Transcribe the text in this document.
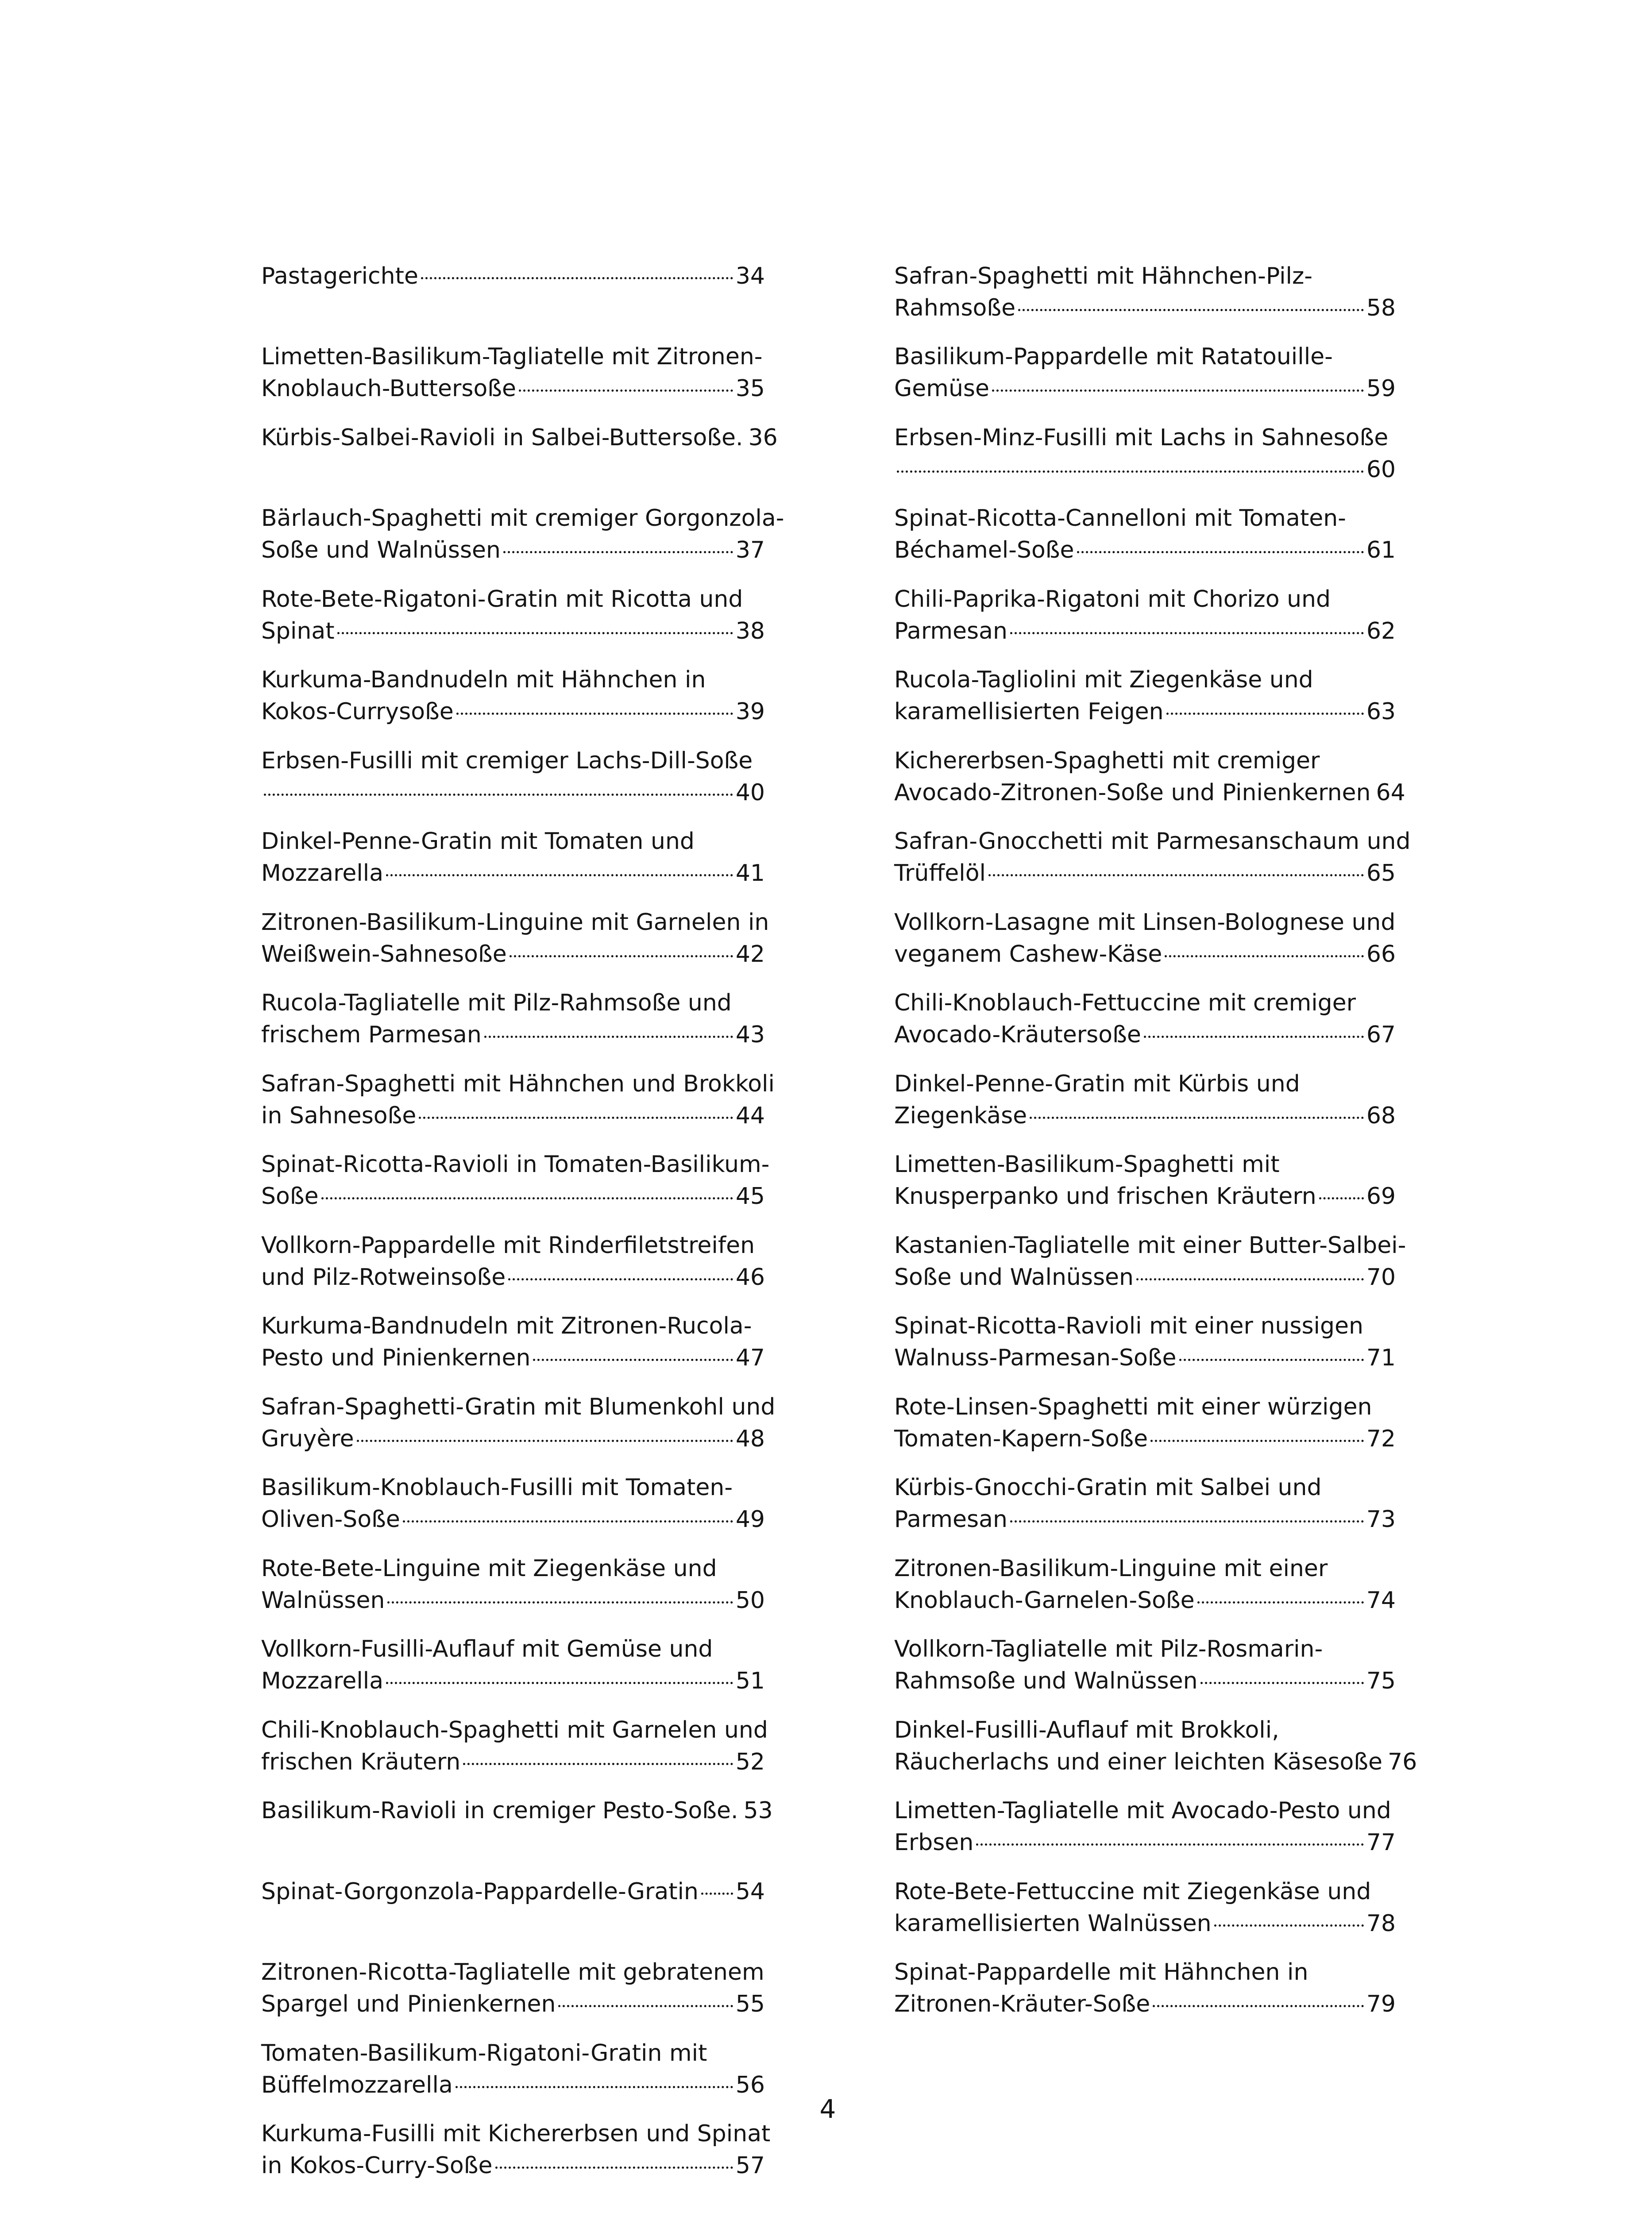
Pastagerichte	34
Limetten-Basilikum-Tagliatelle mit Zitronen-
Knoblauch-Buttersoße	35
Kürbis-Salbei-Ravioli in Salbei-Buttersoße. 36
Bärlauch-Spaghetti mit cremiger Gorgonzola-
Soße und Walnüssen	37
Rote-Bete-Rigatoni-Gratin mit Ricotta und
Spinat	38
Kurkuma-Bandnudeln mit Hähnchen in
Kokos-Currysoße	39
Erbsen-Fusilli mit cremiger Lachs-Dill-Soße
40
Dinkel-Penne-Gratin mit Tomaten und
Mozzarella	41
Zitronen-Basilikum-Linguine mit Garnelen in
Weißwein-Sahnesoße	42
Rucola-Tagliatelle mit Pilz-Rahmsoße und
frischem Parmesan	43
Safran-Spaghetti mit Hähnchen und Brokkoli
in Sahnesoße	44
Spinat-Ricotta-Ravioli in Tomaten-Basilikum-
Soße	45
Vollkorn-Pappardelle mit Rinderfiletstreifen
und Pilz-Rotweinsoße	46
Kurkuma-Bandnudeln mit Zitronen-Rucola-
Pesto und Pinienkernen	47
Safran-Spaghetti-Gratin mit Blumenkohl und
Gruyère	48
Basilikum-Knoblauch-Fusilli mit Tomaten-
Oliven-Soße	49
Rote-Bete-Linguine mit Ziegenkäse und
Walnüssen	50
Vollkorn-Fusilli-Auflauf mit Gemüse und
Mozzarella	51
Chili-Knoblauch-Spaghetti mit Garnelen und
frischen Kräutern	52
Basilikum-Ravioli in cremiger Pesto-Soße. 53
Spinat-Gorgonzola-Pappardelle-Gratin 54
Zitronen-Ricotta-Tagliatelle mit gebratenem
Spargel und Pinienkernen	55
Tomaten-Basilikum-Rigatoni-Gratin mit
Büffelmozzarella	56
Kurkuma-Fusilli mit Kichererbsen und Spinat
in Kokos-Curry-Soße	57
Safran-Spaghetti mit Hähnchen-Pilz-
Rahmsoße	58
Basilikum-Pappardelle mit Ratatouille-
Gemüse	59
Erbsen-Minz-Fusilli mit Lachs in Sahnesoße
60
Spinat-Ricotta-Cannelloni mit Tomaten-
Béchamel-Soße	61
Chili-Paprika-Rigatoni mit Chorizo und
Parmesan	62
Rucola-Tagliolini mit Ziegenkäse und
karamellisierten Feigen	63
Kichererbsen-Spaghetti mit cremiger
Avocado-Zitronen-Soße und Pinienkernen 64
Safran-Gnocchetti mit Parmesanschaum und
Trüffelöl	65
Vollkorn-Lasagne mit Linsen-Bolognese und
veganem Cashew-Käse	66
Chili-Knoblauch-Fettuccine mit cremiger
Avocado-Kräutersoße	67
Dinkel-Penne-Gratin mit Kürbis und
Ziegenkäse	68
Limetten-Basilikum-Spaghetti mit
Knusperpanko und frischen Kräutern 69
Kastanien-Tagliatelle mit einer Butter-Salbei-
Soße und Walnüssen	70
Spinat-Ricotta-Ravioli mit einer nussigen
Walnuss-Parmesan-Soße	71
Rote-Linsen-Spaghetti mit einer würzigen
Tomaten-Kapern-Soße	72
Kürbis-Gnocchi-Gratin mit Salbei und
Parmesan	73
Zitronen-Basilikum-Linguine mit einer
Knoblauch-Garnelen-Soße	74
Vollkorn-Tagliatelle mit Pilz-Rosmarin-
Rahmsoße und Walnüssen	75
Dinkel-Fusilli-Auflauf mit Brokkoli,
Räucherlachs und einer leichten Käsesoße 76
Limetten-Tagliatelle mit Avocado-Pesto und
Erbsen	77
Rote-Bete-Fettuccine mit Ziegenkäse und
karamellisierten Walnüssen	78
Spinat-Pappardelle mit Hähnchen in
Zitronen-Kräuter-Soße	79
4
